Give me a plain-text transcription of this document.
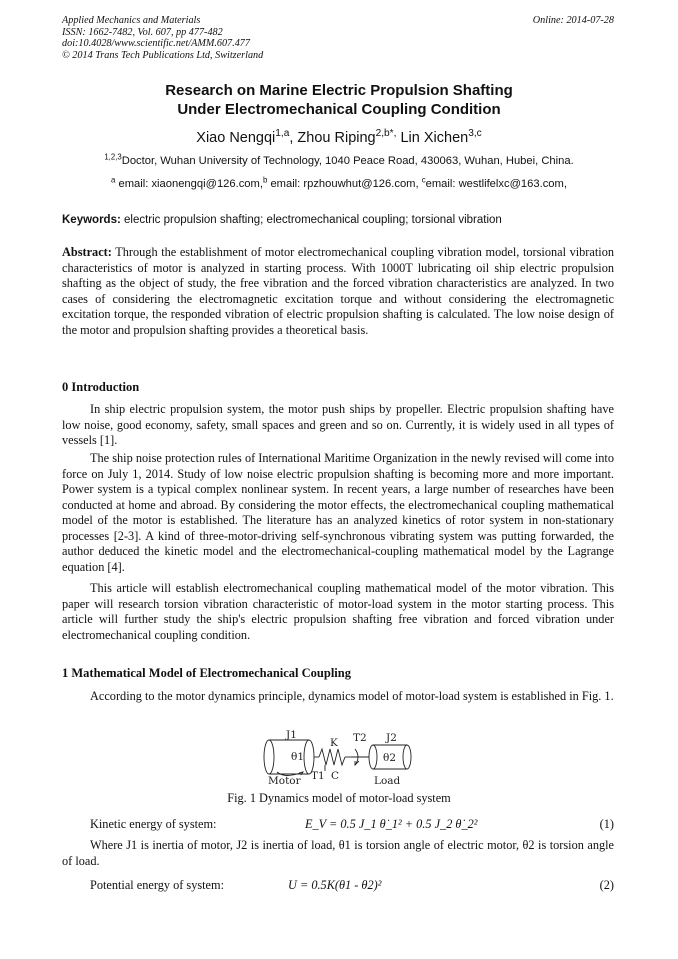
Applied Mechanics and Materials
ISSN: 1662-7482, Vol. 607, pp 477-482
doi:10.4028/www.scientific.net/AMM.607.477
© 2014 Trans Tech Publications Ltd, Switzerland
Online: 2014-07-28
Research on Marine Electric Propulsion Shafting
Under Electromechanical Coupling Condition
Xiao Nengqi$^{1,a}$, Zhou Riping$^{2,b*,}$ Lin Xichen$^{3,c}$
$^{1,2,3}$Doctor, Wuhan University of Technology, 1040 Peace Road, 430063, Wuhan, Hubei, China.
$^a$ email: xiaonengqi@126.com,$^b$ email: rpzhouwhut@126.com, $^c$email: westlifelxc@163.com,
Keywords: electric propulsion shafting; electromechanical coupling; torsional vibration
Abstract: Through the establishment of motor electromechanical coupling vibration model, torsional vibration characteristics of motor is analyzed in starting process. With 1000T lubricating oil ship electric propulsion shafting as the object of study, the free vibration and the forced vibration characteristics are analyzed. In two cases of considering the electromagnetic excitation torque and without considering the electromagnetic excitation torque, the responded vibration of electric propulsion shafting is calculated. The low noise design of the motor and propulsion shafting provides a theoretical basis.
0 Introduction
In ship electric propulsion system, the motor push ships by propeller. Electric propulsion shafting have low noise, good economy, safety, small spaces and green and so on. Currently, it is widely used in all types of vessels [1].
The ship noise protection rules of International Maritime Organization in the newly revised will come into force on July 1, 2014. Study of low noise electric propulsion shafting is becoming more and more important. Power system is a typical complex nonlinear system. In recent years, a large number of researches have been conducted at home and abroad. By considering the motor effects, the electromechanical coupling mathematical model of the motor is established. The literature has an analyzed kinetics of rotor system in non-stationary processes [2-3]. A kind of three-motor-driving self-synchronous vibrating system was putting forwarded, the author deduced the kinetic model and the electromechanical-coupling mathematical model by the Lagrange equation [4].
This article will establish electromechanical coupling mathematical model of the motor vibration. This paper will research torsion vibration characteristic of motor-load system in the motor starting process. This article will further study the ship's electric propulsion shafting free vibration and forced vibration under electromechanical coupling condition.
1 Mathematical Model of Electromechanical Coupling
According to the motor dynamics principle, dynamics model of motor-load system is established in Fig. 1.
J1
θ1
K T2 J2
θ2
T1 C
Motor	Load
Fig. 1 Dynamics model of motor-load system
Kinetic energy of system:	E_V = 0.5 J_1 θ̇_1² + 0.5 J_2 θ̇_2²	(1)
Where J1 is inertia of motor, J2 is inertia of load, θ1 is torsion angle of electric motor, θ2 is torsion angle of load.
Potential energy of system:	U = 0.5K(θ1 - θ2)²	(2)
